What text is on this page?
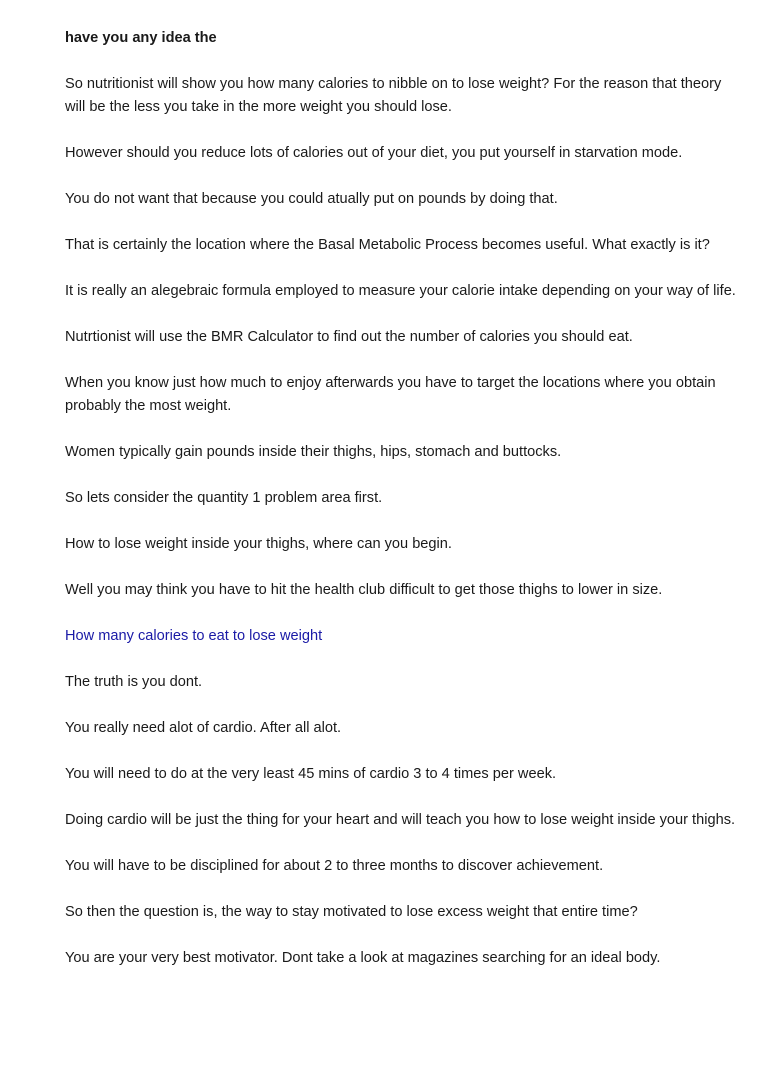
have you any idea the

So nutritionist will show you how many calories to nibble on to lose weight? For the reason that theory will be the less you take in the more weight you should lose.

However should you reduce lots of calories out of your diet, you put yourself in starvation mode.

You do not want that because you could atually put on pounds by doing that.

That is certainly the location where the Basal Metabolic Process becomes useful. What exactly is it?

It is really an alegebraic formula employed to measure your calorie intake depending on your way of life.

Nutrtionist will use the BMR Calculator to find out the number of calories you should eat.

When you know just how much to enjoy afterwards you have to target the locations where you obtain probably the most weight.

Women typically gain pounds inside their thighs, hips, stomach and buttocks.

So lets consider the quantity 1 problem area first.

How to lose weight inside your thighs, where can you begin.

Well you may think you have to hit the health club difficult to get those thighs to lower in size.

How many calories to eat to lose weight

The truth is you dont.

You really need alot of cardio. After all alot.

You will need to do at the very least 45 mins of cardio 3 to 4 times per week.

Doing cardio will be just the thing for your heart and will teach you how to lose weight inside your thighs.

You will have to be disciplined for about 2 to three months to discover achievement.

So then the question is, the way to stay motivated to lose excess weight that entire time?

You are your very best motivator. Dont take a look at magazines searching for an ideal body.
